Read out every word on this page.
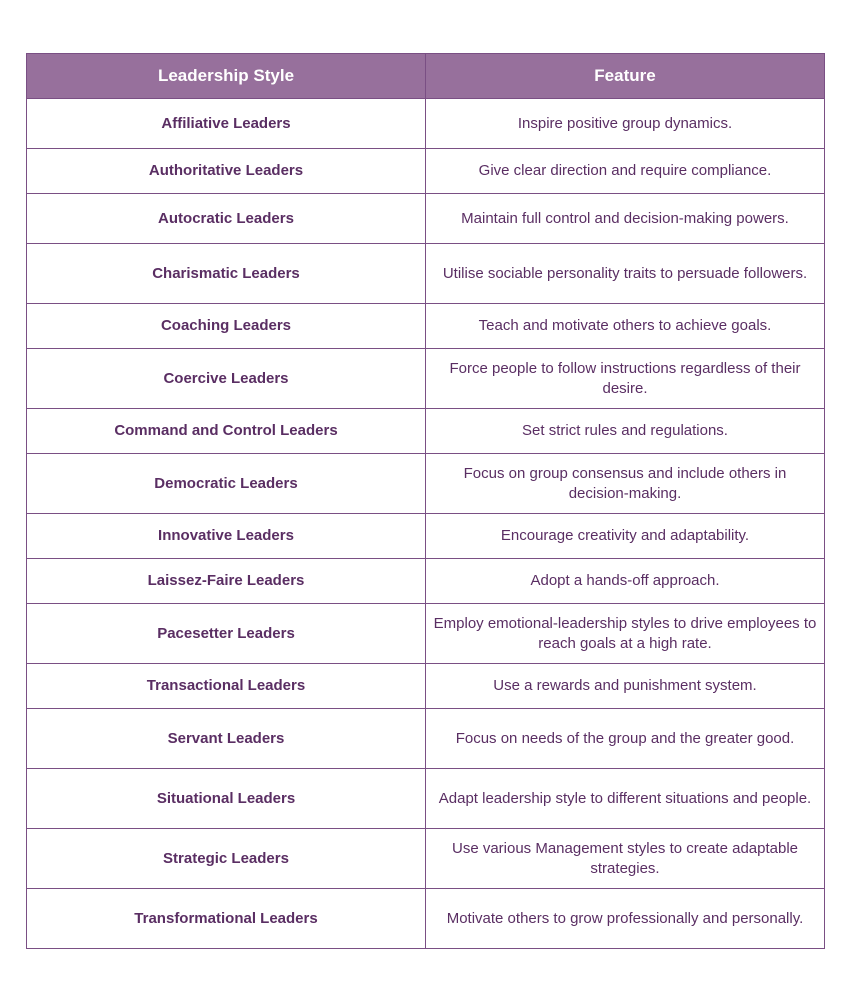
Leadership Style	Feature
Affiliative Leaders	Inspire positive group dynamics.
Authoritative Leaders	Give clear direction and require compliance.
Autocratic Leaders	Maintain full control and decision-making powers.
Charismatic Leaders	Utilise sociable personality traits to persuade followers.
Coaching Leaders	Teach and motivate others to achieve goals.
Coercive Leaders	Force people to follow instructions regardless of their desire.
Command and Control Leaders	Set strict rules and regulations.
Democratic Leaders	Focus on group consensus and include others in decision-making.
Innovative Leaders	Encourage creativity and adaptability.
Laissez-Faire Leaders	Adopt a hands-off approach.
Pacesetter Leaders	Employ emotional-leadership styles to drive employees to reach goals at a high rate.
Transactional Leaders	Use a rewards and punishment system.
Servant Leaders	Focus on needs of the group and the greater good.
Situational Leaders	Adapt leadership style to different situations and people.
Strategic Leaders	Use various Management styles to create adaptable strategies.
Transformational Leaders	Motivate others to grow professionally and personally.
